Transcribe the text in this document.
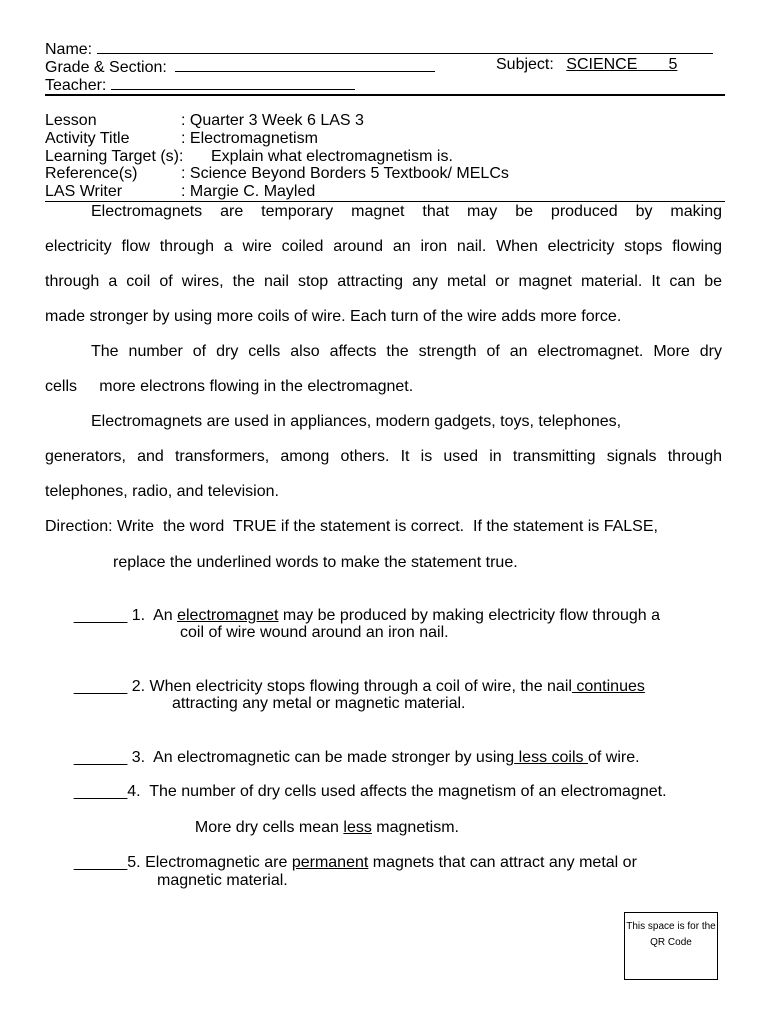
Name:
Grade & Section:	Subject: SCIENCE 5
Teacher:
Lesson	: Quarter 3 Week 6 LAS 3
Activity Title	: Electromagnetism
Learning Target (s): Explain what electromagnetism is.
Reference(s)	: Science Beyond Borders 5 Textbook/ MELCs
LAS Writer	: Margie C. Mayled
Electromagnets are temporary magnet that may be produced by making
electricity flow through a wire coiled around an iron nail. When electricity stops flowing
through a coil of wires, the nail stop attracting any metal or magnet material. It can be
made stronger by using more coils of wire. Each turn of the wire adds more force.
The number of dry cells also affects the strength of an electromagnet. More dry
cells     more electrons flowing in the electromagnet.
Electromagnets are used in appliances, modern gadgets, toys, telephones,
generators, and transformers, among others. It is used in transmitting signals through
telephones, radio, and television.
Direction: Write  the word  TRUE if the statement is correct.  If the statement is FALSE,
replace the underlined words to make the statement true.

______ 1.  An electromagnet may be produced by making electricity flow through a

coil of wire wound around an iron nail.

______ 2. When electricity stops flowing through a coil of wire, the nail continues

attracting any metal or magnetic material.

______ 3.  An electromagnetic can be made stronger by using less coils of wire.

______4.  The number of dry cells used affects the magnetism of an electromagnet.

More dry cells mean less magnetism.

______5. Electromagnetic are permanent magnets that can attract any metal or

magnetic material.
This space is for the QR Code
